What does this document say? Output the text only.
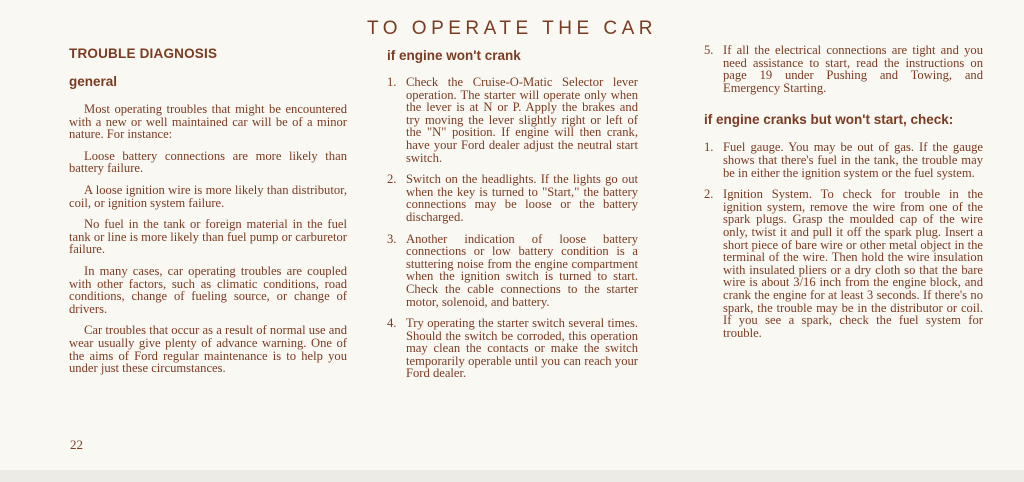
TO OPERATE THE CAR
TROUBLE DIAGNOSIS
general

Most operating troubles that might be encountered with a new or well maintained car will be of a minor nature. For instance:

Loose battery connections are more likely than battery failure.

A loose ignition wire is more likely than distributor, coil, or ignition system failure.

No fuel in the tank or foreign material in the fuel tank or line is more likely than fuel pump or carburetor failure.

In many cases, car operating troubles are coupled with other factors, such as climatic conditions, road conditions, change of fueling source, or change of drivers.

Car troubles that occur as a result of normal use and wear usually give plenty of advance warning. One of the aims of Ford regular maintenance is to help you under just these circumstances.

if engine won't crank
1. Check the Cruise-O-Matic Selector lever operation. The starter will operate only when the lever is at N or P. Apply the brakes and try moving the lever slightly right or left of the "N" position. If engine will then crank, have your Ford dealer adjust the neutral start switch.
2. Switch on the headlights. If the lights go out when the key is turned to "Start," the battery connections may be loose or the battery discharged.
3. Another indication of loose battery connections or low battery condition is a stuttering noise from the engine compartment when the ignition switch is turned to start. Check the cable connections to the starter motor, solenoid, and battery.
4. Try operating the starter switch several times. Should the switch be corroded, this operation may clean the contacts or make the switch temporarily operable until you can reach your Ford dealer.
5. If all the electrical connections are tight and you need assistance to start, read the instructions on page 19 under Pushing and Towing, and Emergency Starting.
if engine cranks but won't start, check:
1. Fuel gauge. You may be out of gas. If the gauge shows that there's fuel in the tank, the trouble may be in either the ignition system or the fuel system.
2. Ignition System. To check for trouble in the ignition system, remove the wire from one of the spark plugs. Grasp the moulded cap of the wire only, twist it and pull it off the spark plug. Insert a short piece of bare wire or other metal object in the terminal of the wire. Then hold the wire insulation with insulated pliers or a dry cloth so that the bare wire is about 3/16 inch from the engine block, and crank the engine for at least 3 seconds. If there's no spark, the trouble may be in the distributor or coil. If you see a spark, check the fuel system for trouble.
22
